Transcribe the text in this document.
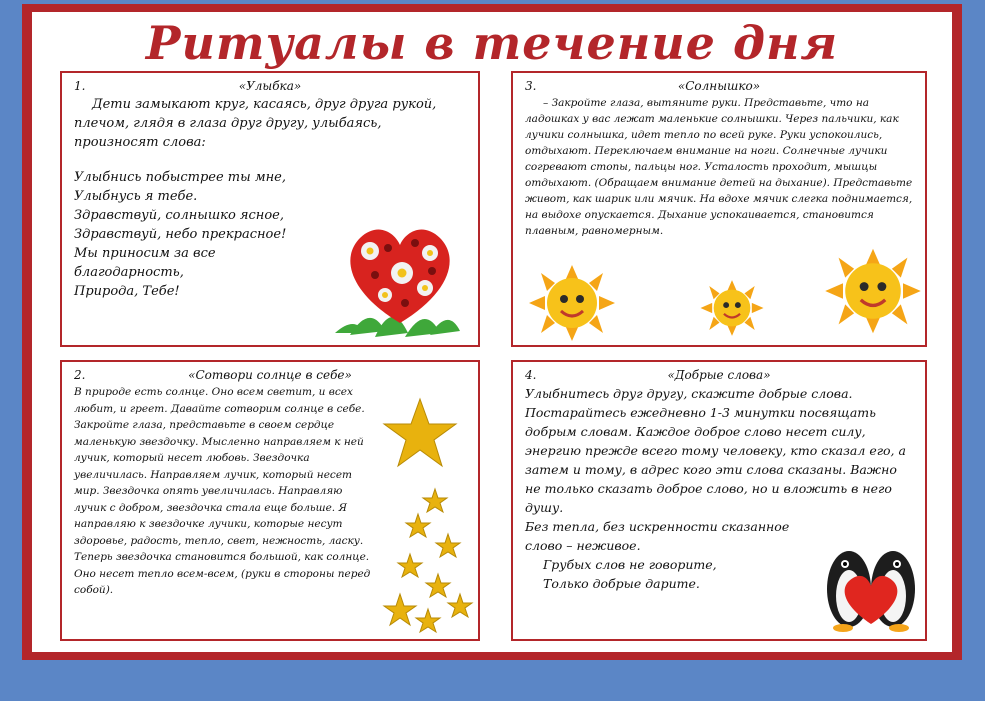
Ритуалы в течение дня
1.	«Улыбка»

Дети замыкают круг, касаясь, друг друга рукой, плечом, глядя в глаза друг другу, улыбаясь, произносят слова:

Улыбнись побыстрее ты мне,
Улыбнусь я тебе.
Здравствуй, солнышко ясное,
Здравствуй, небо прекрасное!
Мы приносим за все
благодарность,
Природа, Тебе!
3.	«Солнышко»

– Закройте глаза, вытяните руки. Представьте, что на ладошках у вас лежат маленькие солнышки. Через пальчики, как лучики солнышка, идет тепло по всей руке. Руки успокоились, отдыхают. Переключаем внимание на ноги. Солнечные лучики согревают стопы, пальцы ног. Усталость проходит, мышцы отдыхают. (Обращаем внимание детей на дыхание). Представьте живот, как шарик или мячик. На вдохе мячик слегка поднимается, на выдохе опускается. Дыхание успокаивается, становится плавным, равномерным.

2.	«Сотвори солнце в себе»

В природе есть солнце. Оно всем светит, и всех любит, и греет. Давайте сотворим солнце в себе. Закройте глаза, представьте в своем сердце маленькую звездочку. Мысленно направляем к ней лучик, который несет любовь. Звездочка увеличилась. Направляем лучик, который несет мир. Звездочка опять увеличилась. Направляю лучик с добром, звездочка стала еще больше. Я направляю к звездочке лучики, которые несут здоровье, радость, тепло, свет, нежность, ласку. Теперь звездочка становится большой, как солнце. Оно несет тепло всем-всем, (руки в стороны перед собой).

4.	«Добрые слова»

Улыбнитесь друг другу, скажите добрые слова. Постарайтесь ежедневно 1-3 минутки посвящать добрым словам. Каждое доброе слово несет силу, энергию прежде всего тому человеку, кто сказал его, а затем и тому, в адрес кого эти слова сказаны. Важно не только сказать доброе слово, но и вложить в него душу.

Без тепла, без искренности сказанное слово – неживое.

Грубых слов не говорите,
Только добрые дарите.
